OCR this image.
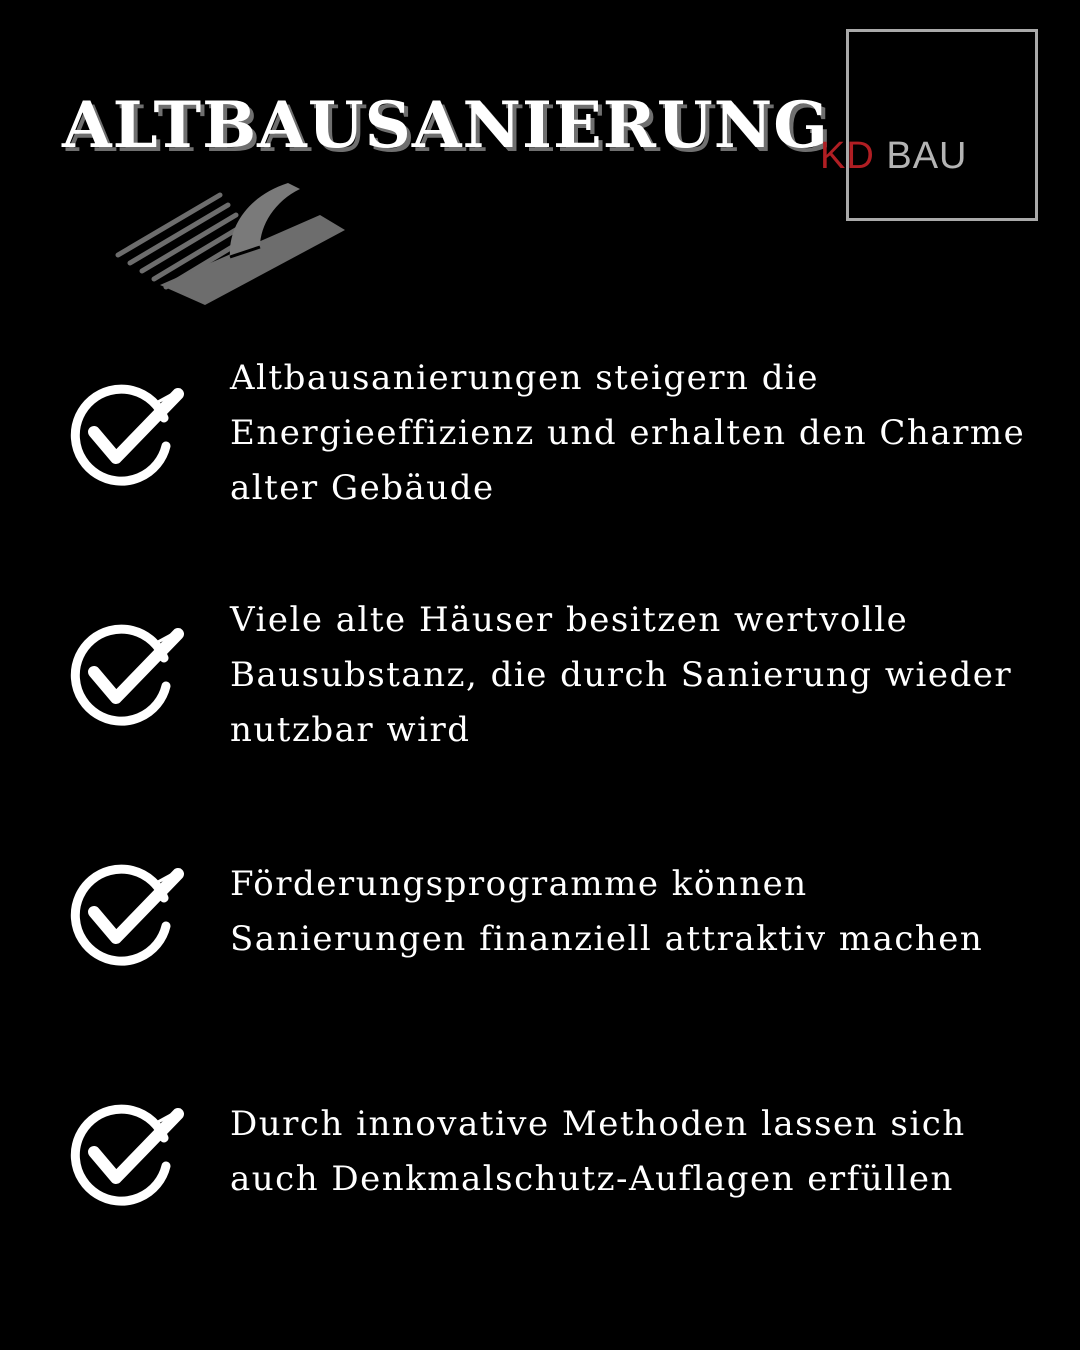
ALTBAUSANIERUNG
KD BAU
Altbausanierungen steigern die Energieeffizienz und erhalten den Charme alter Gebäude
Viele alte Häuser besitzen wertvolle Bausubstanz, die durch Sanierung wieder nutzbar wird
Förderungsprogramme können Sanierungen finanziell attraktiv machen
Durch innovative Methoden lassen sich auch Denkmalschutz-Auflagen erfüllen
